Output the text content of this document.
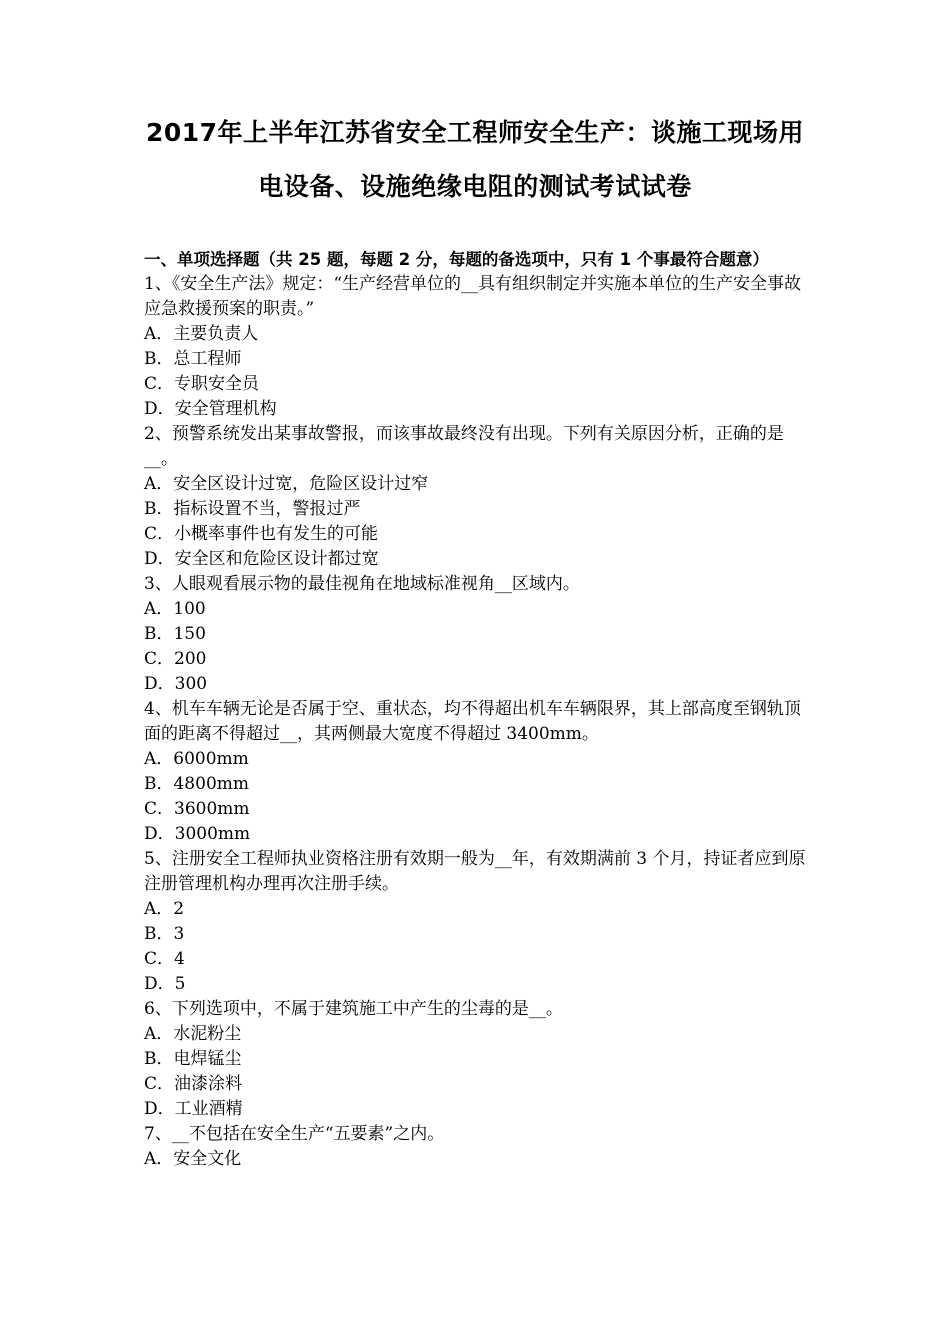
2017年上半年江苏省安全工程师安全生产：谈施工现场用
电设备、设施绝缘电阻的测试考试试卷
一、单项选择题（共 25 题，每题 2 分，每题的备选项中，只有 1 个事最符合题意）

1、《安全生产法》规定：“生产经营单位的__具有组织制定并实施本单位的生产安全事故应急救援预案的职责。”

A．主要负责人

B．总工程师

C．专职安全员

D．安全管理机构

2、预警系统发出某事故警报，而该事故最终没有出现。下列有关原因分析，正确的是__。

A．安全区设计过宽，危险区设计过窄

B．指标设置不当，警报过严

C．小概率事件也有发生的可能

D．安全区和危险区设计都过宽

3、人眼观看展示物的最佳视角在地域标准视角__区域内。

A．100

B．150

C．200

D．300

4、机车车辆无论是否属于空、重状态，均不得超出机车车辆限界，其上部高度至钢轨顶面的距离不得超过__，其两侧最大宽度不得超过 3400mm。

A．6000mm

B．4800mm

C．3600mm

D．3000mm

5、注册安全工程师执业资格注册有效期一般为__年，有效期满前 3 个月，持证者应到原注册管理机构办理再次注册手续。

A．2

B．3

C．4

D．5

6、下列选项中，不属于建筑施工中产生的尘毒的是__。

A．水泥粉尘

B．电焊锰尘

C．油漆涂料

D．工业酒精

7、__不包括在安全生产“五要素”之内。

A．安全文化
